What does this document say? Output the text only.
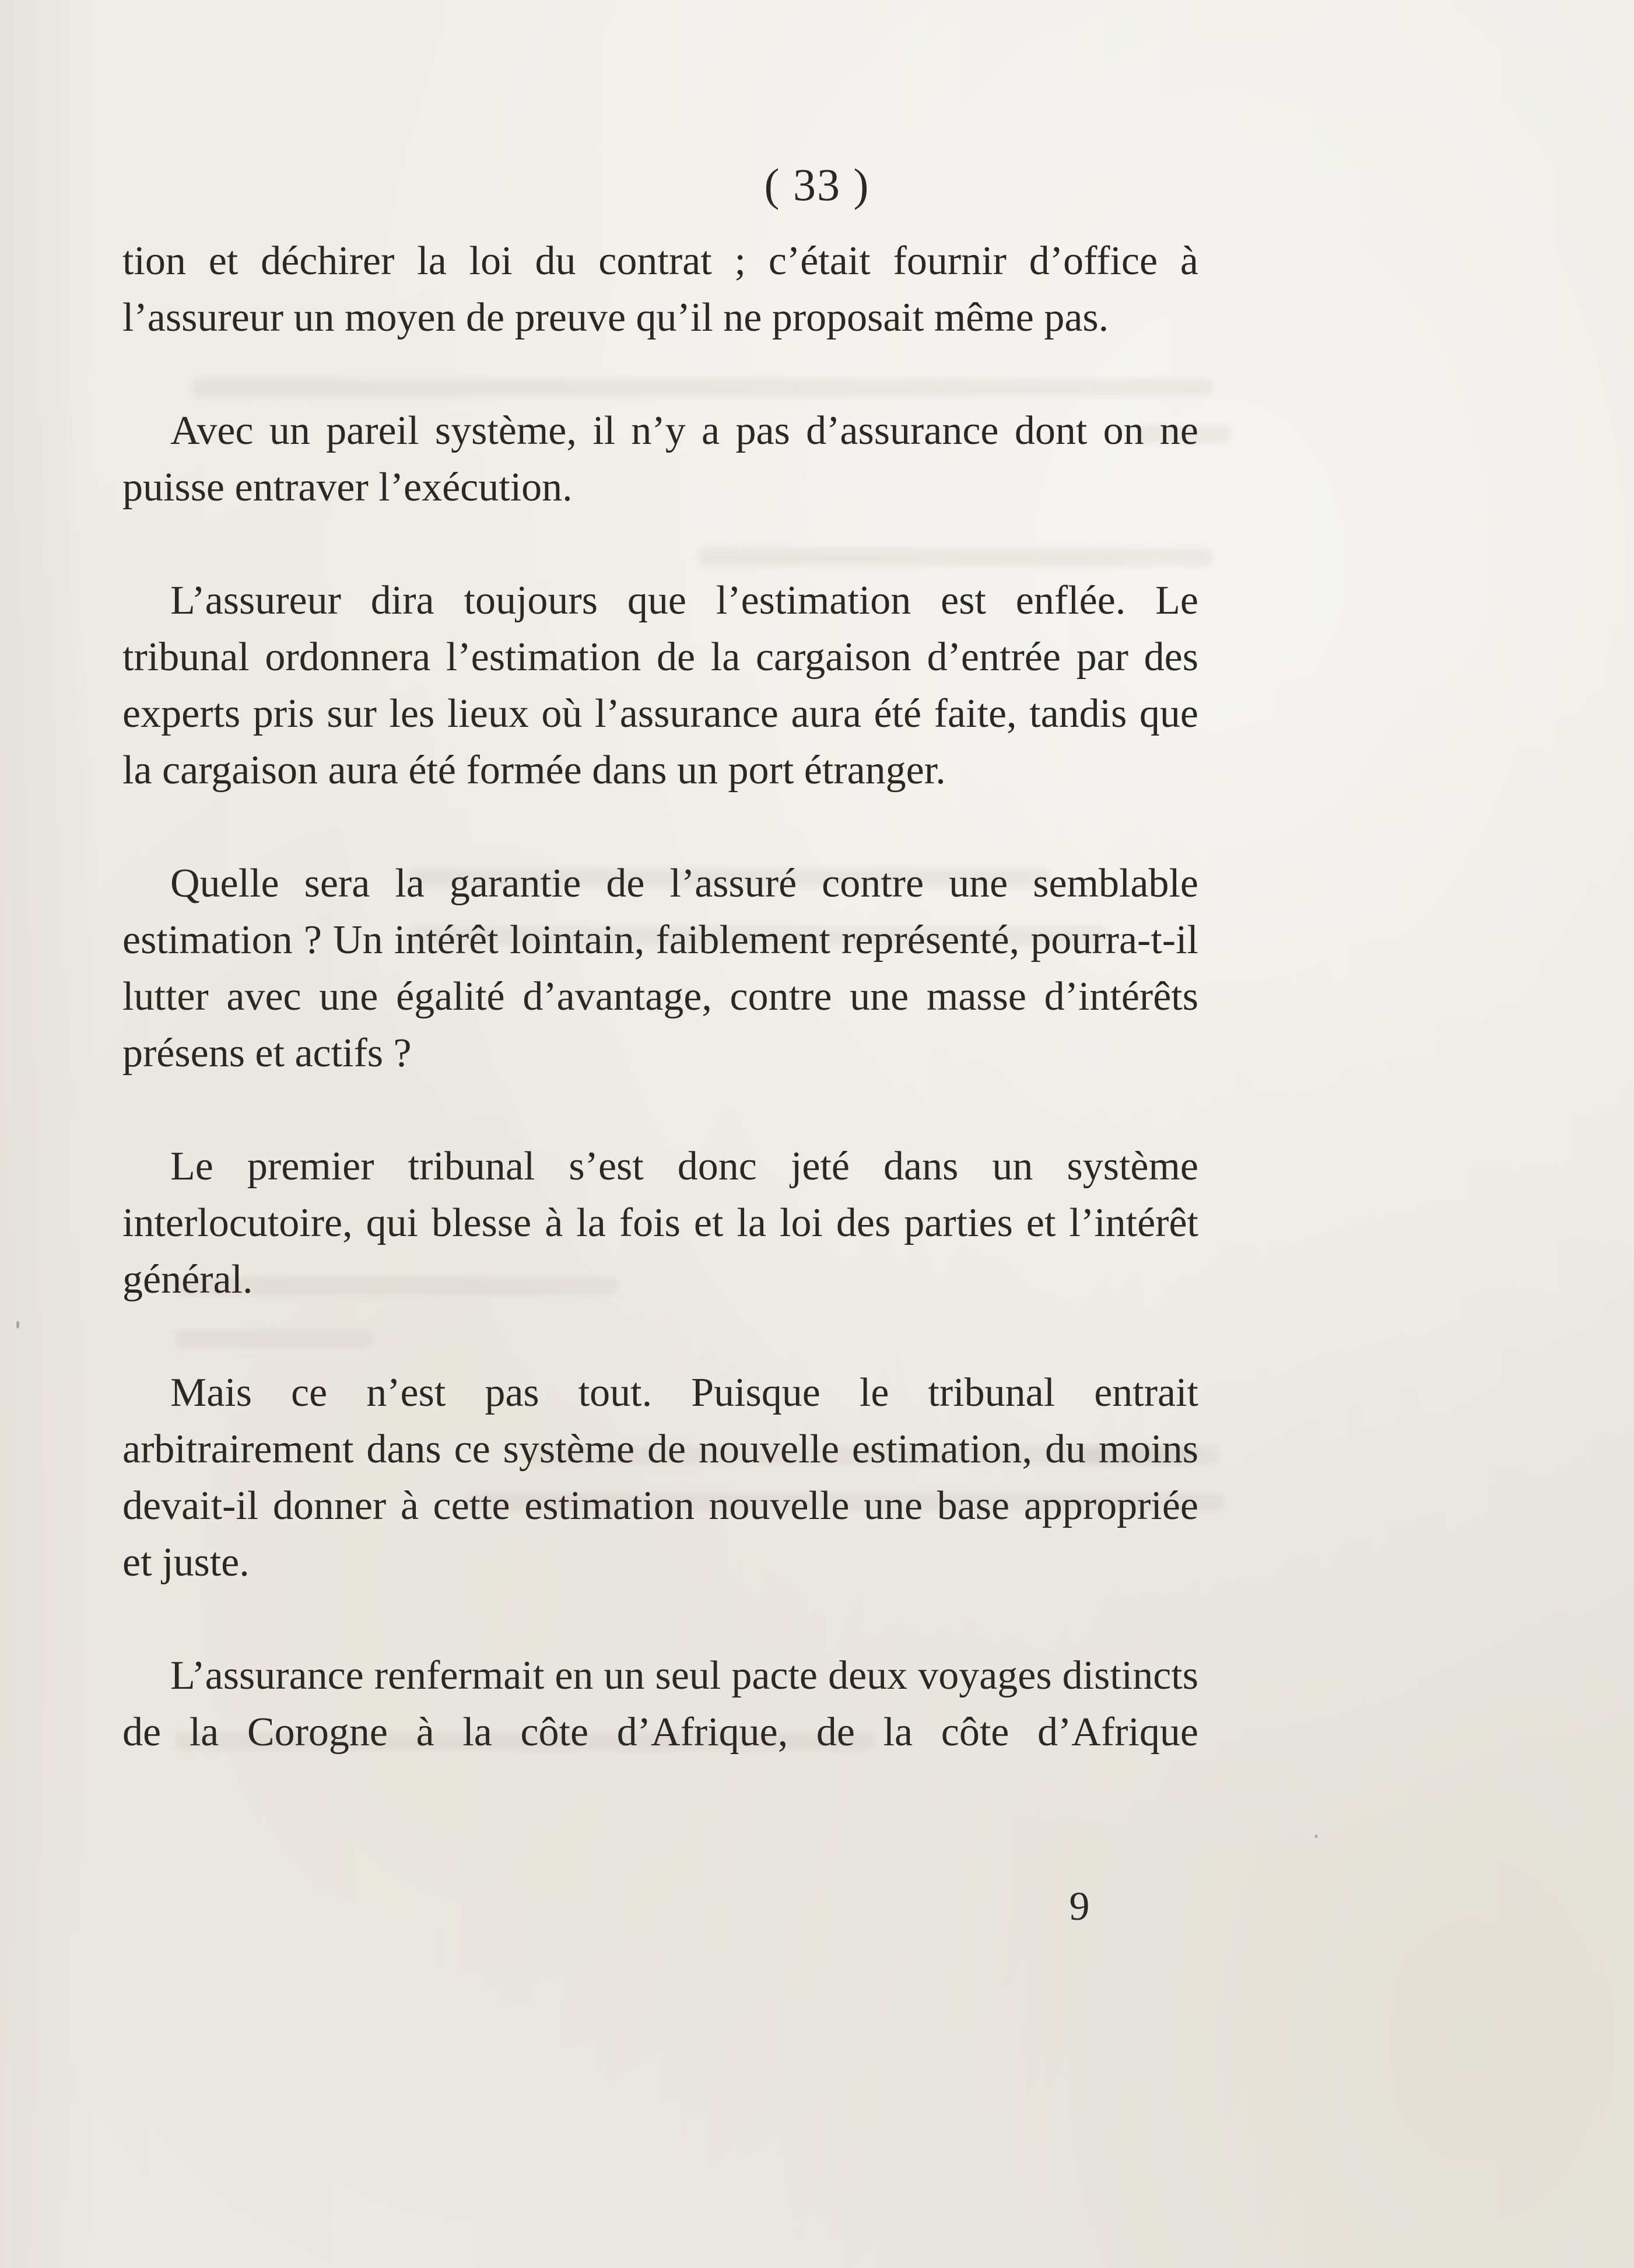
( 33 )

tion et déchirer la loi du contrat ; c’était fournir d’office à l’assureur un moyen de preuve qu’il ne proposait même pas.

Avec un pareil système, il n’y a pas d’assurance dont on ne puisse entraver l’exécution.

L’assureur dira toujours que l’estimation est enflée. Le tribunal ordonnera l’estimation de la cargaison d’entrée par des experts pris sur les lieux où l’assurance aura été faite, tandis que la cargaison aura été formée dans un port étranger.

Quelle sera la garantie de l’assuré contre une semblable estimation ? Un intérêt lointain, faiblement représenté, pourra-t-il lutter avec une égalité d’avantage, contre une masse d’intérêts présens et actifs ?

Le premier tribunal s’est donc jeté dans un système interlocutoire, qui blesse à la fois et la loi des parties et l’intérêt général.

Mais ce n’est pas tout. Puisque le tribunal entrait arbitrairement dans ce système de nouvelle estimation, du moins devait-il donner à cette estimation nouvelle une base appropriée et juste.

L’assurance renfermait en un seul pacte deux voyages distincts de la Corogne à la côte d’Afrique, de la côte d’Afrique

9
